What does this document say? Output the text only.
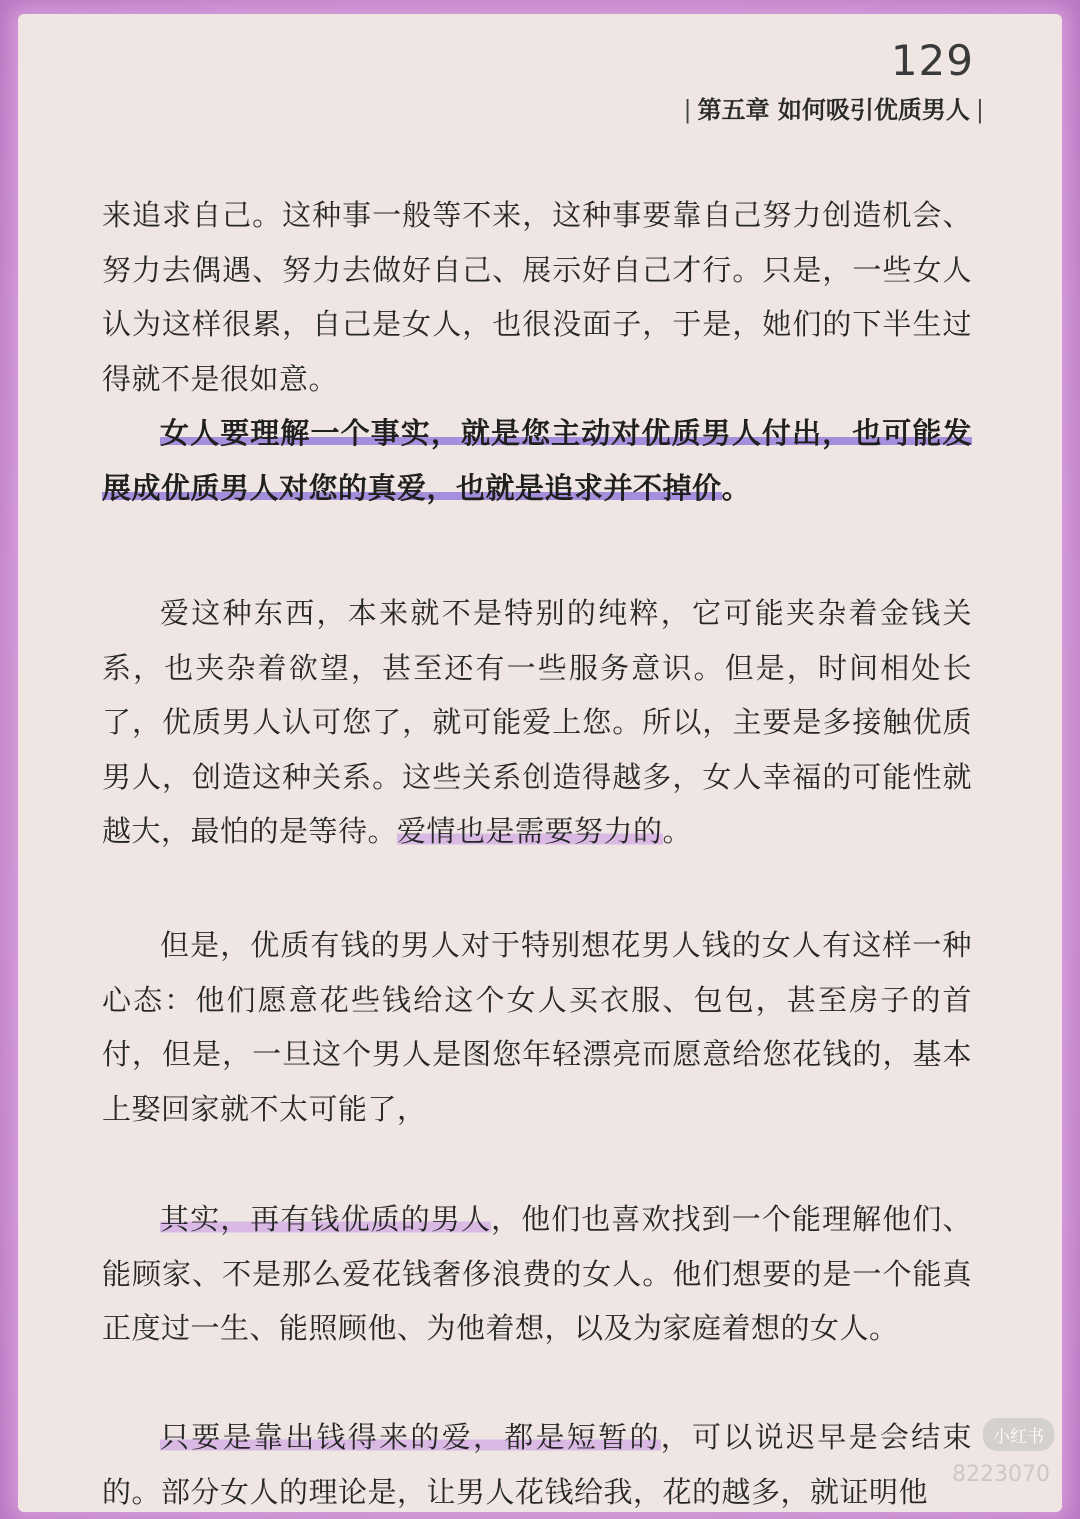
129
| 第五章 如何吸引优质男人 |

来追求自己。这种事一般等不来，这种事要靠自己努力创造机会、努力去偶遇、努力去做好自己、展示好自己才行。只是，一些女人认为这样很累，自己是女人，也很没面子，于是，她们的下半生过得就不是很如意。

女人要理解一个事实，就是您主动对优质男人付出，也可能发展成优质男人对您的真爱，也就是追求并不掉价。

爱这种东西，本来就不是特别的纯粹，它可能夹杂着金钱关系，也夹杂着欲望，甚至还有一些服务意识。但是，时间相处长了，优质男人认可您了，就可能爱上您。所以，主要是多接触优质男人，创造这种关系。这些关系创造得越多，女人幸福的可能性就越大，最怕的是等待。爱情也是需要努力的。

但是，优质有钱的男人对于特别想花男人钱的女人有这样一种心态：他们愿意花些钱给这个女人买衣服、包包，甚至房子的首付，但是，一旦这个男人是图您年轻漂亮而愿意给您花钱的，基本上娶回家就不太可能了，

其实，再有钱优质的男人，他们也喜欢找到一个能理解他们、能顾家、不是那么爱花钱奢侈浪费的女人。他们想要的是一个能真正度过一生、能照顾他、为他着想，以及为家庭着想的女人。

只要是靠出钱得来的爱，都是短暂的，可以说迟早是会结束的。部分女人的理论是，让男人花钱给我，花的越多，就证明他

小红书
8223070
